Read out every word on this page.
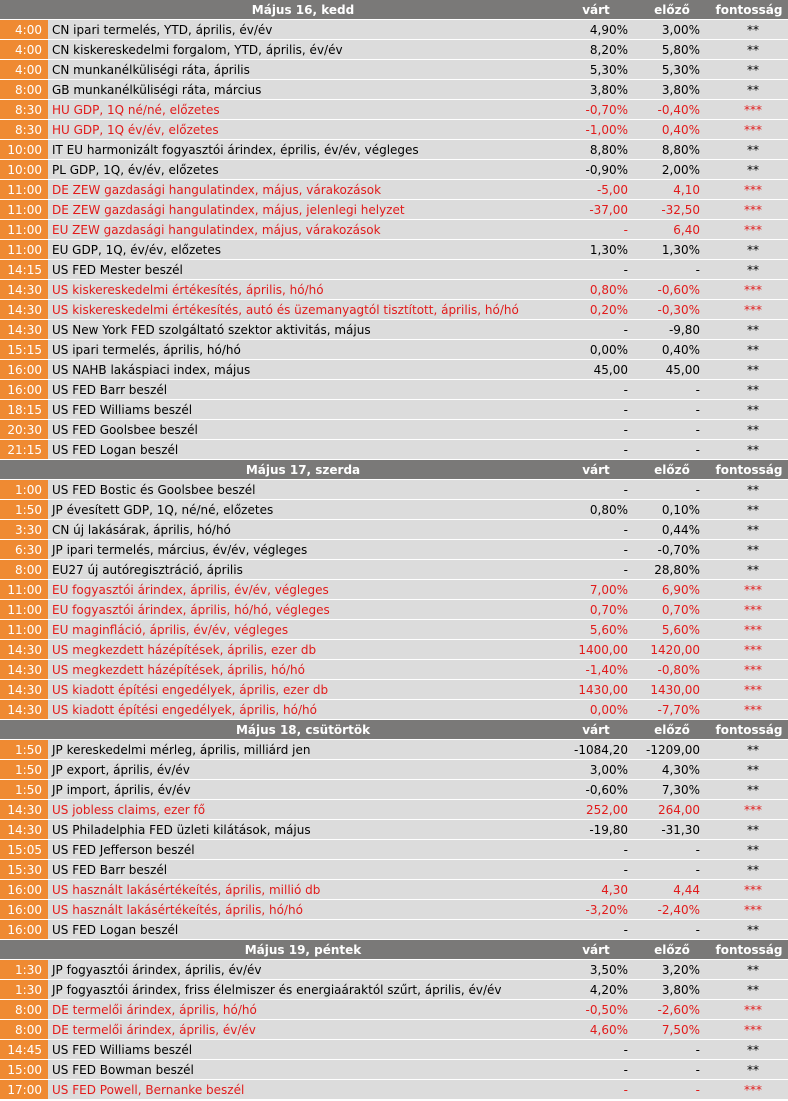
Május 16, kedd	várt	előző	fontosság
4:00 CN ipari termelés, YTD, április, év/év	4,90%	3,00%	**
4:00 CN kiskereskedelmi forgalom, YTD, április, év/év	8,20%	5,80%	**
4:00 CN munkanélküliségi ráta, április	5,30%	5,30%	**
8:00 GB munkanélküliségi ráta, március	3,80%	3,80%	**
8:30 HU GDP, 1Q né/né, előzetes	-0,70%	-0,40%	***
8:30 HU GDP, 1Q év/év, előzetes	-1,00%	0,40%	***
10:00 IT EU harmonizált fogyasztói árindex, éprilis, év/év, végleges	8,80%	8,80%	**
10:00 PL GDP, 1Q, év/év, előzetes	-0,90%	2,00%	**
11:00 DE ZEW gazdasági hangulatindex, május, várakozások	-5,00	4,10	***
11:00 DE ZEW gazdasági hangulatindex, május, jelenlegi helyzet	-37,00	-32,50	***
11:00 EU ZEW gazdasági hangulatindex, május, várakozások	-	6,40	***
11:00 EU GDP, 1Q, év/év, előzetes	1,30%	1,30%	**
14:15 US FED Mester beszél	-	-	**
14:30 US kiskereskedelmi értékesítés, április, hó/hó	0,80%	-0,60%	***
14:30 US kiskereskedelmi értékesítés, autó és üzemanyagtól tisztított, április, hó/hó	0,20%	-0,30%	***
14:30 US New York FED szolgáltató szektor aktivitás, május	-	-9,80	**
15:15 US ipari termelés, április, hó/hó	0,00%	0,40%	**
16:00 US NAHB lakáspiaci index, május	45,00	45,00	**
16:00 US FED Barr beszél	-	-	**
18:15 US FED Williams beszél	-	-	**
20:30 US FED Goolsbee beszél	-	-	**
21:15 US FED Logan beszél	-	-	**
Május 17, szerda	várt	előző	fontosság
1:00 US FED Bostic és Goolsbee beszél	-	-	**
1:50 JP évesített GDP, 1Q, né/né, előzetes	0,80%	0,10%	**
3:30 CN új lakásárak, április, hó/hó	-	0,44%	**
6:30 JP ipari termelés, március, év/év, végleges	-	-0,70%	**
8:00 EU27 új autóregisztráció, április	-	28,80%	**
11:00 EU fogyasztói árindex, április, év/év, végleges	7,00%	6,90%	***
11:00 EU fogyasztói árindex, április, hó/hó, végleges	0,70%	0,70%	***
11:00 EU maginfláció, április, év/év, végleges	5,60%	5,60%	***
14:30 US megkezdett házépítések, április, ezer db	1400,00	1420,00	***
14:30 US megkezdett házépítések, április, hó/hó	-1,40%	-0,80%	***
14:30 US kiadott építési engedélyek, április, ezer db	1430,00	1430,00	***
14:30 US kiadott építési engedélyek, április, hó/hó	0,00%	-7,70%	***
Május 18, csütörtök	várt	előző	fontosság
1:50 JP kereskedelmi mérleg, április, milliárd jen	-1084,20	-1209,00	**
1:50 JP export, április, év/év	3,00%	4,30%	**
1:50 JP import, április, év/év	-0,60%	7,30%	**
14:30 US jobless claims, ezer fő	252,00	264,00	***
14:30 US Philadelphia FED üzleti kilátások, május	-19,80	-31,30	**
15:05 US FED Jefferson beszél	-	-	**
15:30 US FED Barr beszél	-	-	**
16:00 US használt lakásértékeítés, április, millió db	4,30	4,44	***
16:00 US használt lakásértékeítés, április, hó/hó	-3,20%	-2,40%	***
16:00 US FED Logan beszél	-	-	**
Május 19, péntek	várt	előző	fontosság
1:30 JP fogyasztói árindex, április, év/év	3,50%	3,20%	**
1:30 JP fogyasztói árindex, friss élelmiszer és energiaáraktól szűrt, április, év/év	4,20%	3,80%	**
8:00 DE termelői árindex, április, hó/hó	-0,50%	-2,60%	***
8:00 DE termelői árindex, április, év/év	4,60%	7,50%	***
14:45 US FED Williams beszél	-	-	**
15:00 US FED Bowman beszél	-	-	**
17:00 US FED Powell, Bernanke beszél	-	-	***
